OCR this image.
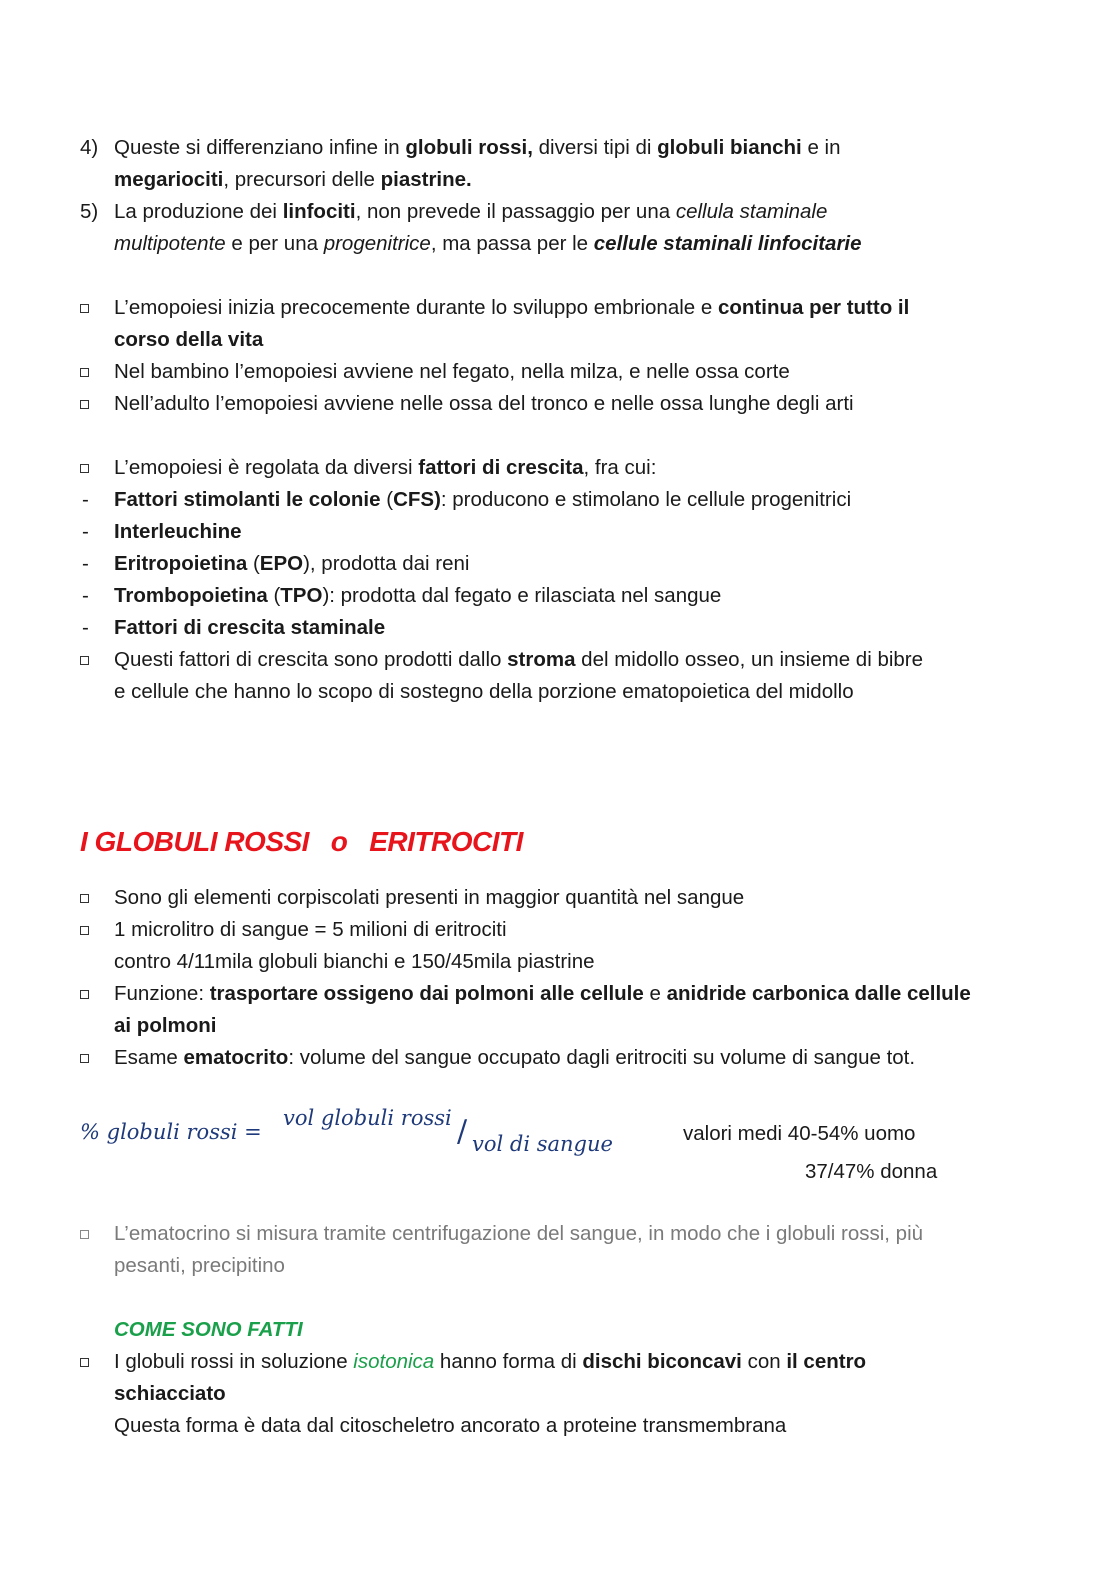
4) Queste si differenziano infine in globuli rossi, diversi tipi di globuli bianchi e in
megariociti, precursori delle piastrine.
5) La produzione dei linfociti, non prevede il passaggio per una cellula staminale
multipotente e per una progenitrice, ma passa per le cellule staminali linfocitarie
L’emopoiesi inizia precocemente durante lo sviluppo embrionale e continua per tutto il
corso della vita
Nel bambino l’emopoiesi avviene nel fegato, nella milza, e nelle ossa corte
Nell’adulto l’emopoiesi avviene nelle ossa del tronco e nelle ossa lunghe degli arti
L’emopoiesi è regolata da diversi fattori di crescita, fra cui:
- Fattori stimolanti le colonie (CFS): producono e stimolano le cellule progenitrici
- Interleuchine
- Eritropoietina (EPO), prodotta dai reni
- Trombopoietina (TPO): prodotta dal fegato e rilasciata nel sangue
- Fattori di crescita staminale
Questi fattori di crescita sono prodotti dallo stroma del midollo osseo, un insieme di bibre
e cellule che hanno lo scopo di sostegno della porzione ematopoietica del midollo
I GLOBULI ROSSI   o   ERITROCITI
Sono gli elementi corpiscolati presenti in maggior quantità nel sangue
1 microlitro di sangue = 5 milioni di eritrociti
contro 4/11mila globuli bianchi e 150/45mila piastrine
Funzione: trasportare ossigeno dai polmoni alle cellule e anidride carbonica dalle cellule
ai polmoni
Esame ematocrito: volume del sangue occupato dagli eritrociti su volume di sangue tot.
% globuli rossi =
vol globuli rossi / vol di sangue	valori medi 40-54% uomo
37/47% donna
L’ematocrino si misura tramite centrifugazione del sangue, in modo che i globuli rossi, più
pesanti, precipitino
COME SONO FATTI
I globuli rossi in soluzione isotonica hanno forma di dischi biconcavi con il centro
schiacciato
Questa forma è data dal citoscheletro ancorato a proteine transmembrana
